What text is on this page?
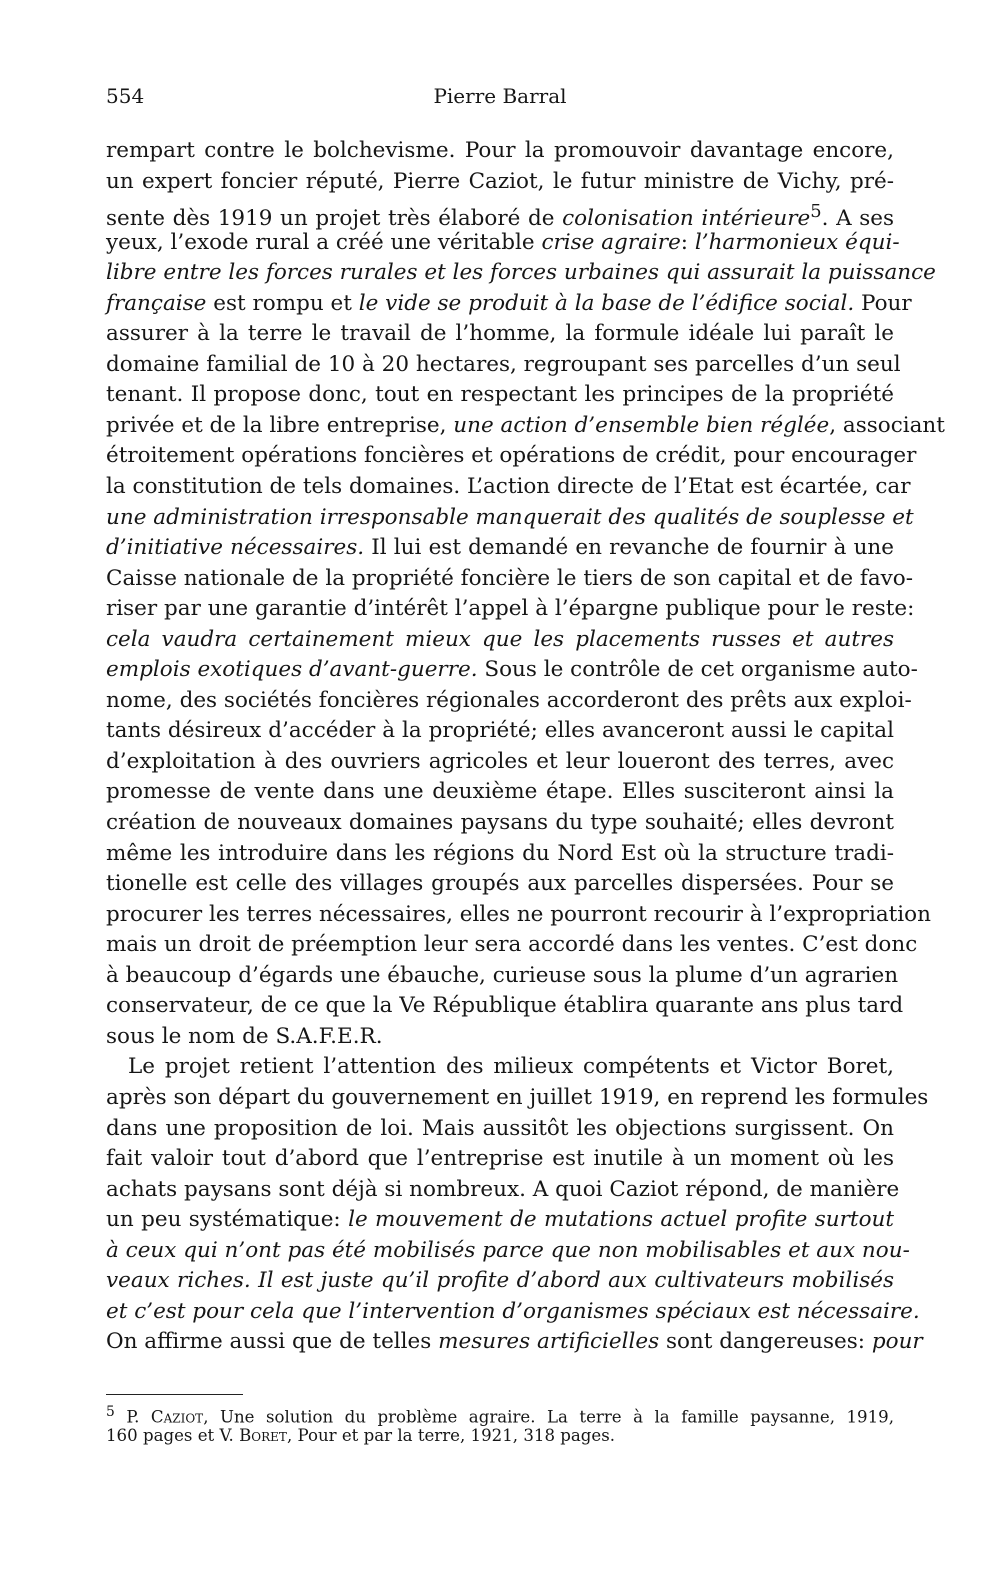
554	Pierre Barral
rempart contre le bolchevisme. Pour la promouvoir davantage encore,
un expert foncier réputé, Pierre Caziot, le futur ministre de Vichy, pré-
sente dès 1919 un projet très élaboré de colonisation intérieure$^5$. A ses
yeux, l’exode rural a créé une véritable crise agraire: l’harmonieux équi-
libre entre les forces rurales et les forces urbaines qui assurait la puissance
française est rompu et le vide se produit à la base de l’édifice social. Pour
assurer à la terre le travail de l’homme, la formule idéale lui paraît le
domaine familial de 10 à 20 hectares, regroupant ses parcelles d’un seul
tenant. Il propose donc, tout en respectant les principes de la propriété
privée et de la libre entreprise, une action d’ensemble bien réglée, associant
étroitement opérations foncières et opérations de crédit, pour encourager
la constitution de tels domaines. L’action directe de l’Etat est écartée, car
une administration irresponsable manquerait des qualités de souplesse et
d’initiative nécessaires. Il lui est demandé en revanche de fournir à une
Caisse nationale de la propriété foncière le tiers de son capital et de favo-
riser par une garantie d’intérêt l’appel à l’épargne publique pour le reste:
cela vaudra certainement mieux que les placements russes et autres
emplois exotiques d’avant-guerre. Sous le contrôle de cet organisme auto-
nome, des sociétés foncières régionales accorderont des prêts aux exploi-
tants désireux d’accéder à la propriété; elles avanceront aussi le capital
d’exploitation à des ouvriers agricoles et leur loueront des terres, avec
promesse de vente dans une deuxième étape. Elles susciteront ainsi la
création de nouveaux domaines paysans du type souhaité; elles devront
même les introduire dans les régions du Nord Est où la structure tradi-
tionelle est celle des villages groupés aux parcelles dispersées. Pour se
procurer les terres nécessaires, elles ne pourront recourir à l’expropriation
mais un droit de préemption leur sera accordé dans les ventes. C’est donc
à beaucoup d’égards une ébauche, curieuse sous la plume d’un agrarien
conservateur, de ce que la Ve République établira quarante ans plus tard
sous le nom de S.A.F.E.R.
Le projet retient l’attention des milieux compétents et Victor Boret,
après son départ du gouvernement en juillet 1919, en reprend les formules
dans une proposition de loi. Mais aussitôt les objections surgissent. On
fait valoir tout d’abord que l’entreprise est inutile à un moment où les
achats paysans sont déjà si nombreux. A quoi Caziot répond, de manière
un peu systématique: le mouvement de mutations actuel profite surtout
à ceux qui n’ont pas été mobilisés parce que non mobilisables et aux nou-
veaux riches. Il est juste qu’il profite d’abord aux cultivateurs mobilisés
et c’est pour cela que l’intervention d’organismes spéciaux est nécessaire.
On affirme aussi que de telles mesures artificielles sont dangereuses: pour
$^5$ P. Caziot, Une solution du problème agraire. La terre à la famille paysanne, 1919,
160 pages et V. Boret, Pour et par la terre, 1921, 318 pages.
